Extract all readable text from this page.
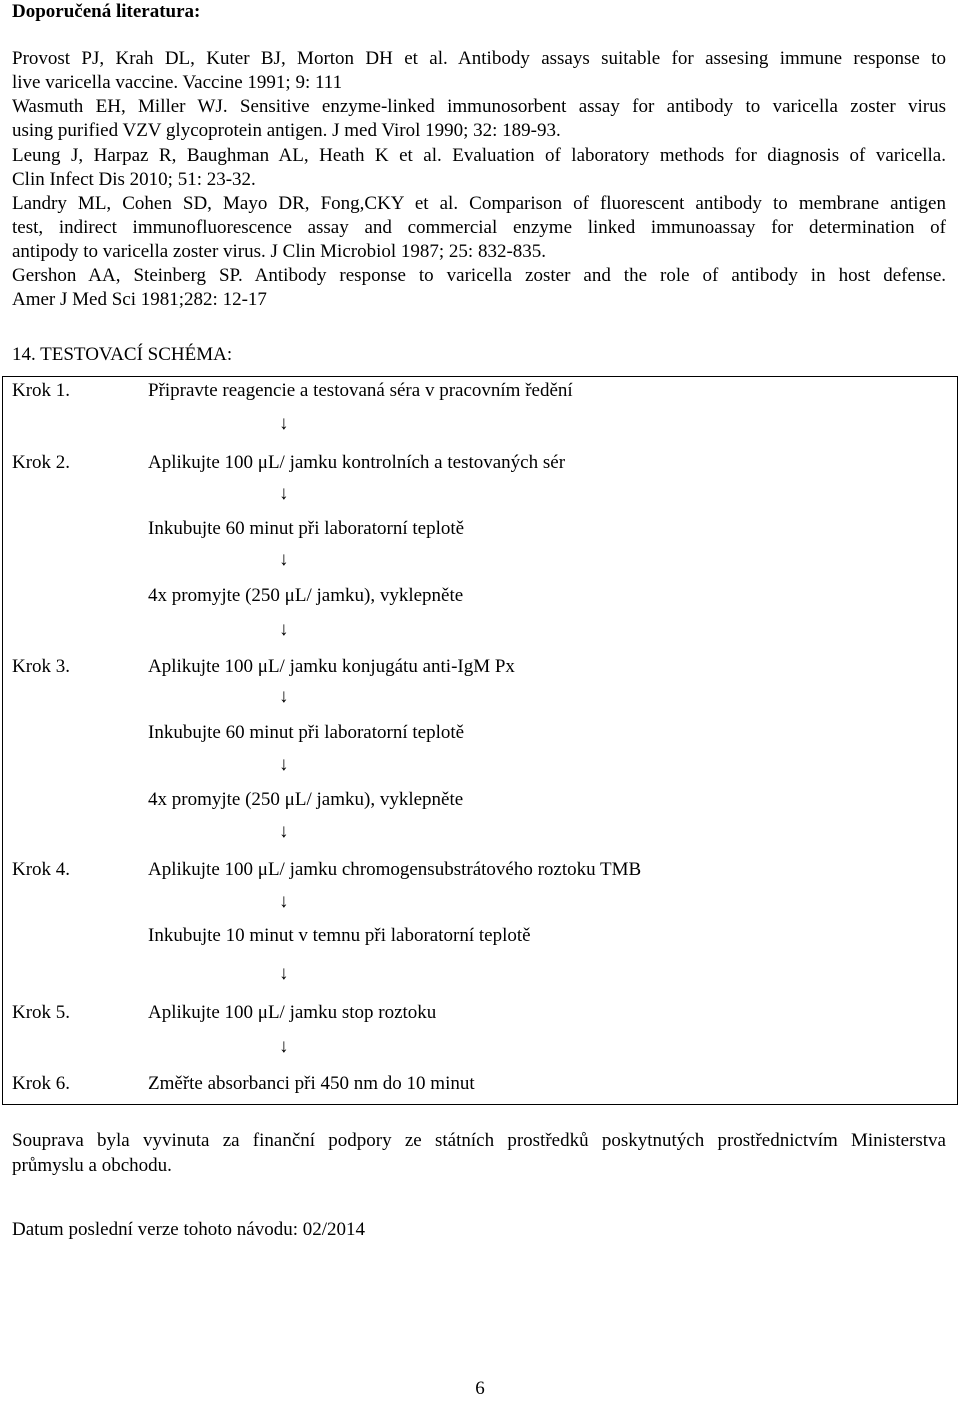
Doporučená literatura:
Provost PJ, Krah DL, Kuter BJ, Morton DH et al. Antibody assays suitable for assesing immune response to
live varicella vaccine. Vaccine 1991; 9: 111
Wasmuth EH, Miller WJ. Sensitive enzyme-linked immunosorbent assay for antibody to varicella zoster virus
using purified VZV glycoprotein antigen. J med Virol 1990; 32: 189-93.
Leung J, Harpaz R, Baughman AL, Heath K et al. Evaluation of laboratory methods for diagnosis of varicella.
Clin Infect Dis 2010; 51: 23-32.
Landry ML, Cohen SD, Mayo DR, Fong,CKY et al. Comparison of fluorescent antibody to membrane antigen
test, indirect immunofluorescence assay and commercial enzyme linked immunoassay for determination of
antipody to varicella zoster virus. J Clin Microbiol 1987; 25: 832-835.
Gershon AA, Steinberg SP. Antibody response to varicella zoster and the role of antibody in host defense.
Amer J Med Sci 1981;282: 12-17
14. TESTOVACÍ SCHÉMA:
Krok 1.	Připravte reagencie a testovaná séra v pracovním ředění
↓
Krok 2.	Aplikujte 100 μL/ jamku kontrolních a testovaných sér
↓
Inkubujte 60 minut při laboratorní teplotě
↓
4x promyjte (250 μL/ jamku), vyklepněte
↓
Krok 3.	Aplikujte 100 μL/ jamku konjugátu anti-IgM Px
↓
Inkubujte 60 minut při laboratorní teplotě
↓
4x promyjte (250 μL/ jamku), vyklepněte
↓
Krok 4.	Aplikujte 100 μL/ jamku chromogensubstrátového roztoku TMB
↓
Inkubujte 10 minut v temnu při laboratorní teplotě
↓
Krok 5.	Aplikujte 100 μL/ jamku stop roztoku
↓
Krok 6.	Změřte absorbanci při 450 nm do 10 minut
Souprava byla vyvinuta za finanční podpory ze státních prostředků poskytnutých prostřednictvím Ministerstva
průmyslu a obchodu.
Datum poslední verze tohoto návodu: 02/2014
6
